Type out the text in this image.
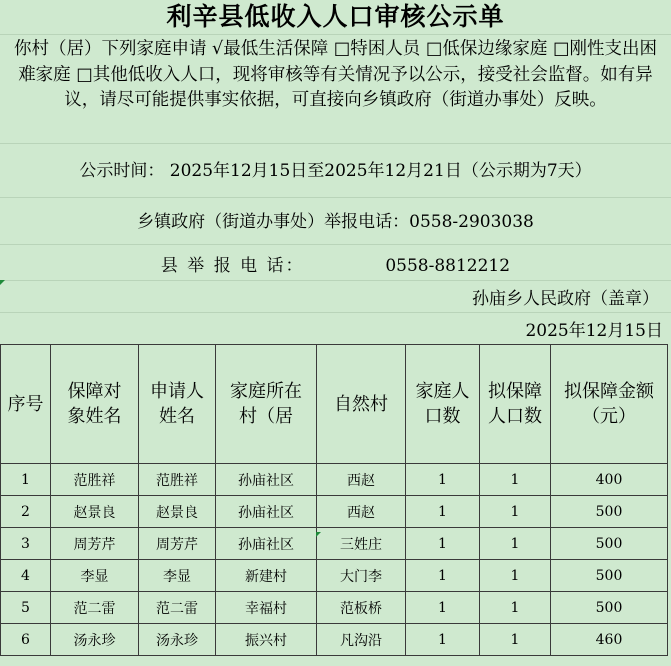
利辛县低收入人口审核公示单
你村（居）下列家庭申请 √最低生活保障 □特困人员 □低保边缘家庭 □刚性支出困难家庭 □其他低收入人口，现将审核等有关情况予以公示，接受社会监督。如有异议，请尽可能提供事实依据，可直接向乡镇政府（街道办事处）反映。
公示时间： 2025年12月15日至2025年12月21日（公示期为7天）
乡镇政府（街道办事处）举报电话：0558-2903038
县 举 报 电 话：	0558-8812212
孙庙乡人民政府（盖章）
2025年12月15日
序号	保障对象姓名	申请人姓名	家庭所在村（居	自然村	家庭人口数	拟保障人口数	拟保障金额（元）
1	范胜祥	范胜祥	孙庙社区	西赵	1	1	400
2	赵景良	赵景良	孙庙社区	西赵	1	1	500
3	周芳芹	周芳芹	孙庙社区	三姓庄	1	1	500
4	李显	李显	新建村	大门李	1	1	500
5	范二雷	范二雷	幸福村	范板桥	1	1	500
6	汤永珍	汤永珍	振兴村	凡沟沿	1	1	460
